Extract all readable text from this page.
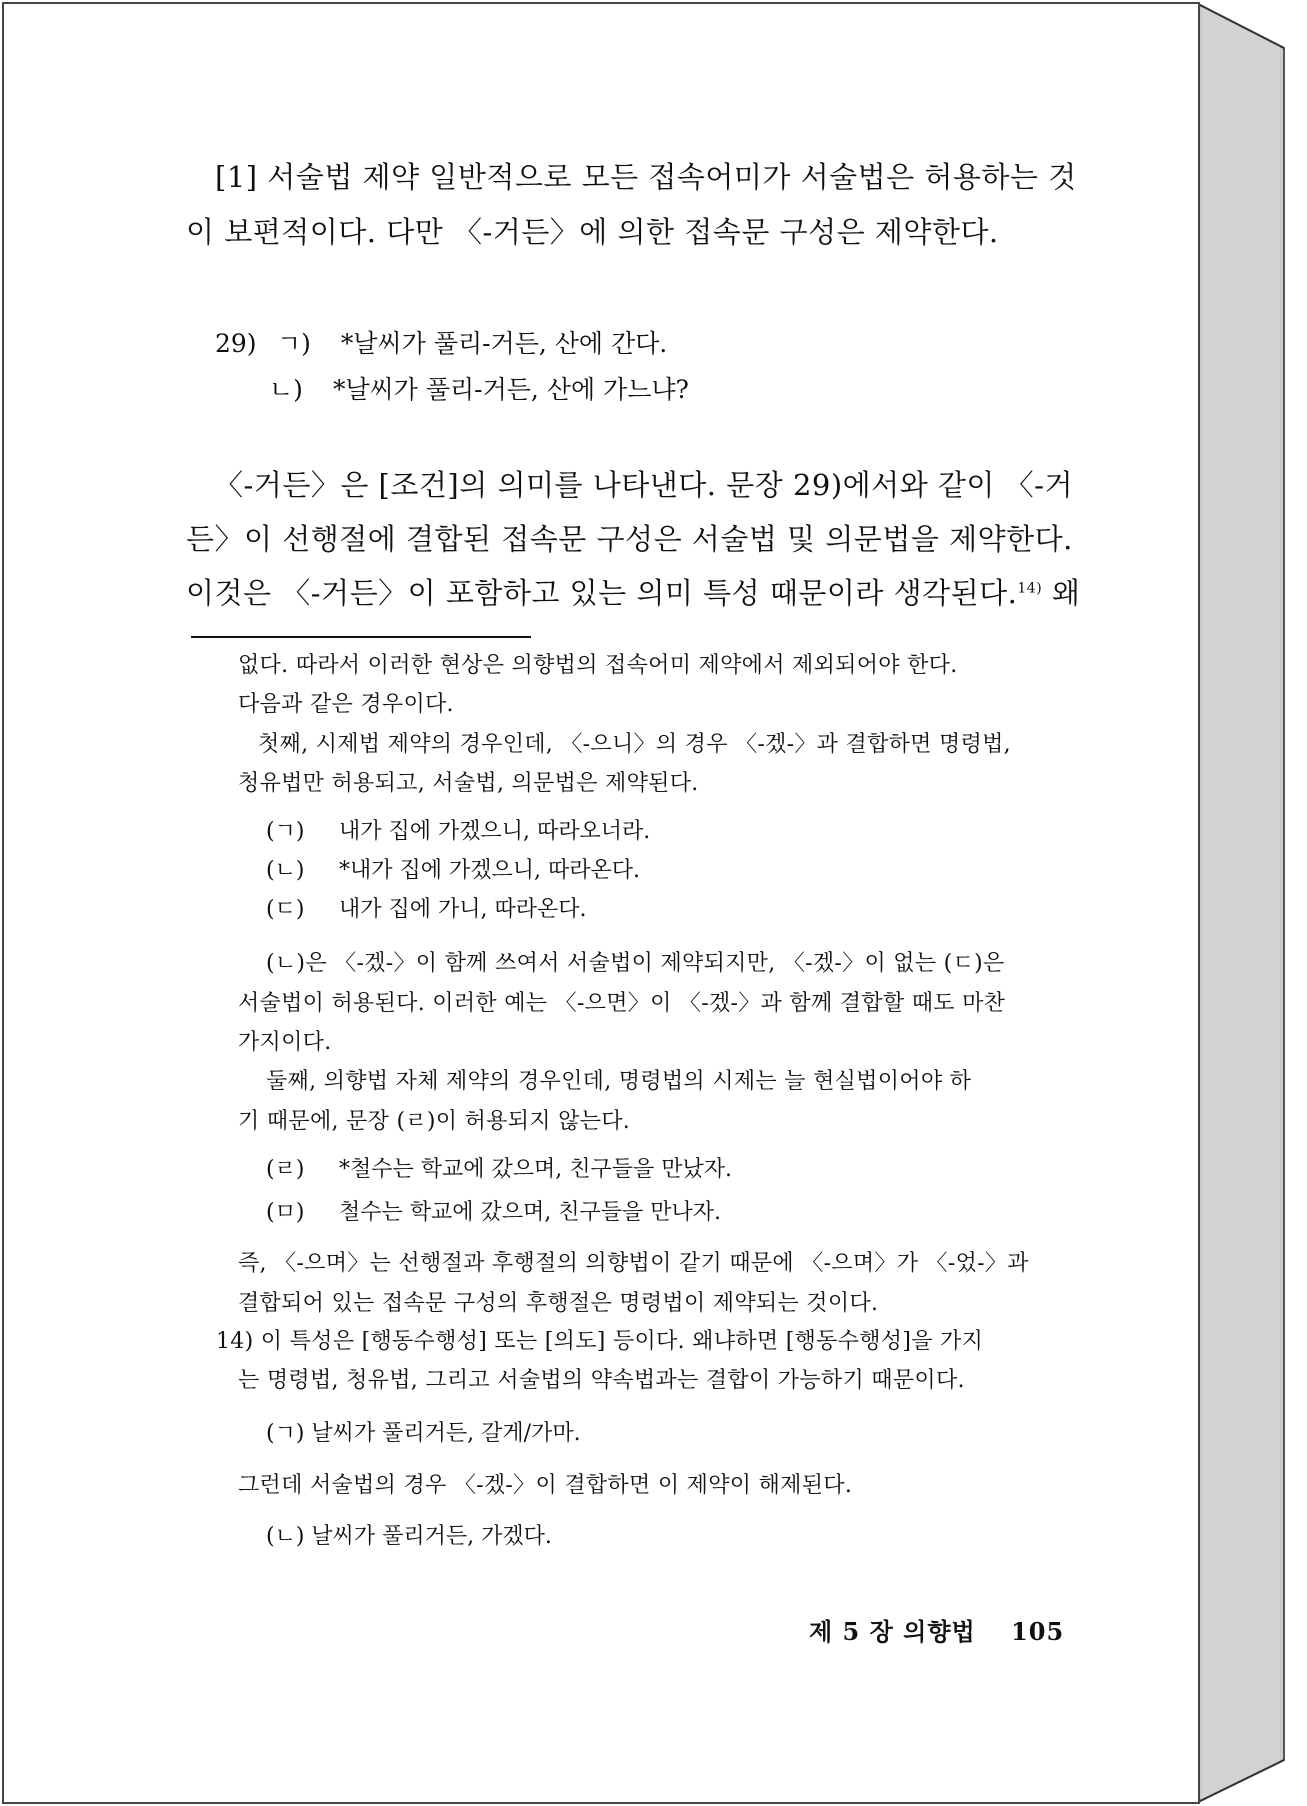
[1] 서술법 제약 일반적으로 모든 접속어미가 서술법은 허용하는 것
이 보편적이다. 다만 〈-거든〉에 의한 접속문 구성은 제약한다.
29) ㄱ) *날씨가 풀리-거든, 산에 간다.
ㄴ) *날씨가 풀리-거든, 산에 가느냐?
〈-거든〉은 [조건]의 의미를 나타낸다. 문장 29)에서와 같이 〈-거
든〉이 선행절에 결합된 접속문 구성은 서술법 및 의문법을 제약한다.
이것은 〈-거든〉이 포함하고 있는 의미 특성 때문이라 생각된다.$^{14)}$ 왜
없다. 따라서 이러한 현상은 의향법의 접속어미 제약에서 제외되어야 한다.
다음과 같은 경우이다.
첫째, 시제법 제약의 경우인데, 〈-으니〉의 경우 〈-겠-〉과 결합하면 명령법,
청유법만 허용되고, 서술법, 의문법은 제약된다.
(ㄱ) 내가 집에 가겠으니, 따라오너라.
(ㄴ) *내가 집에 가겠으니, 따라온다.
(ㄷ) 내가 집에 가니, 따라온다.
(ㄴ)은 〈-겠-〉이 함께 쓰여서 서술법이 제약되지만, 〈-겠-〉이 없는 (ㄷ)은
서술법이 허용된다. 이러한 예는 〈-으면〉이 〈-겠-〉과 함께 결합할 때도 마찬
가지이다.
둘째, 의향법 자체 제약의 경우인데, 명령법의 시제는 늘 현실법이어야 하
기 때문에, 문장 (ㄹ)이 허용되지 않는다.
(ㄹ) *철수는 학교에 갔으며, 친구들을 만났자.
(ㅁ) 철수는 학교에 갔으며, 친구들을 만나자.
즉, 〈-으며〉는 선행절과 후행절의 의향법이 같기 때문에 〈-으며〉가 〈-었-〉과
결합되어 있는 접속문 구성의 후행절은 명령법이 제약되는 것이다.
14) 이 특성은 [행동수행성] 또는 [의도] 등이다. 왜냐하면 [행동수행성]을 가지
는 명령법, 청유법, 그리고 서술법의 약속법과는 결합이 가능하기 때문이다.
(ㄱ) 날씨가 풀리거든, 갈게/가마.
그런데 서술법의 경우 〈-겠-〉이 결합하면 이 제약이 해제된다.
(ㄴ) 날씨가 풀리거든, 가겠다.
제 5 장 의향법 105
